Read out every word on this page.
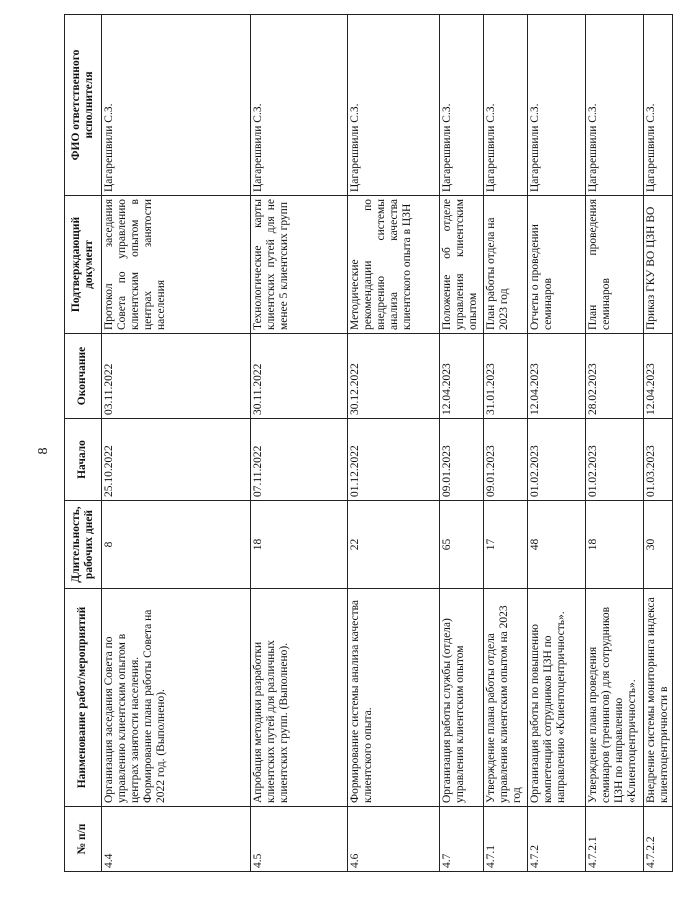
8
№ п/п	Наименование работ/мероприятий	Длительность, рабочих дней	Начало	Окончание	Подтверждающий документ	ФИО ответственного исполнителя
4.4	Организация заседания Совета по управлению клиентским опытом в центрах занятости населения. Формирование плана работы Совета на 2022 год. (Выполнено).	8	25.10.2022	03.11.2022	Протокол заседания Совета по управлению клиентским опытом в центрах занятости населения	Цагарешвили С.З.
4.5	Апробация методики разработки клиентских путей для различных клиентских групп. (Выполнено).	18	07.11.2022	30.11.2022	Технологические карты клиентских путей для не менее 5 клиентских групп	Цагарешвили С.З.
4.6	Формирование системы анализа качества клиентского опыта.	22	01.12.2022	30.12.2022	Методические рекомендации по внедрению системы анализа качества клиентского опыта в ЦЗН	Цагарешвили С.З.
4.7	Организация работы службы (отдела) управления клиентским опытом	65	09.01.2023	12.04.2023	Положение об отделе управления клиентским опытом	Цагарешвили С.З.
4.7.1	Утверждение плана работы отдела управления клиентским опытом на 2023 год	17	09.01.2023	31.01.2023	План работы отдела на 2023 год	Цагарешвили С.З.
4.7.2	Организация работы по повышению компетенций сотрудников ЦЗН по направлению «Клиентоцентричность».	48	01.02.2023	12.04.2023	Отчеты о проведении семинаров	Цагарешвили С.З.
4.7.2.1	Утверждение плана проведения семинаров (тренингов) для сотрудников ЦЗН по направлению «Клиентоцентричность».	18	01.02.2023	28.02.2023	План проведения семинаров	Цагарешвили С.З.
4.7.2.2	Внедрение системы мониторинга индекса клиентоцентричности в	30	01.03.2023	12.04.2023	Приказ ГКУ ВО ЦЗН ВО	Цагарешвили С.З.
